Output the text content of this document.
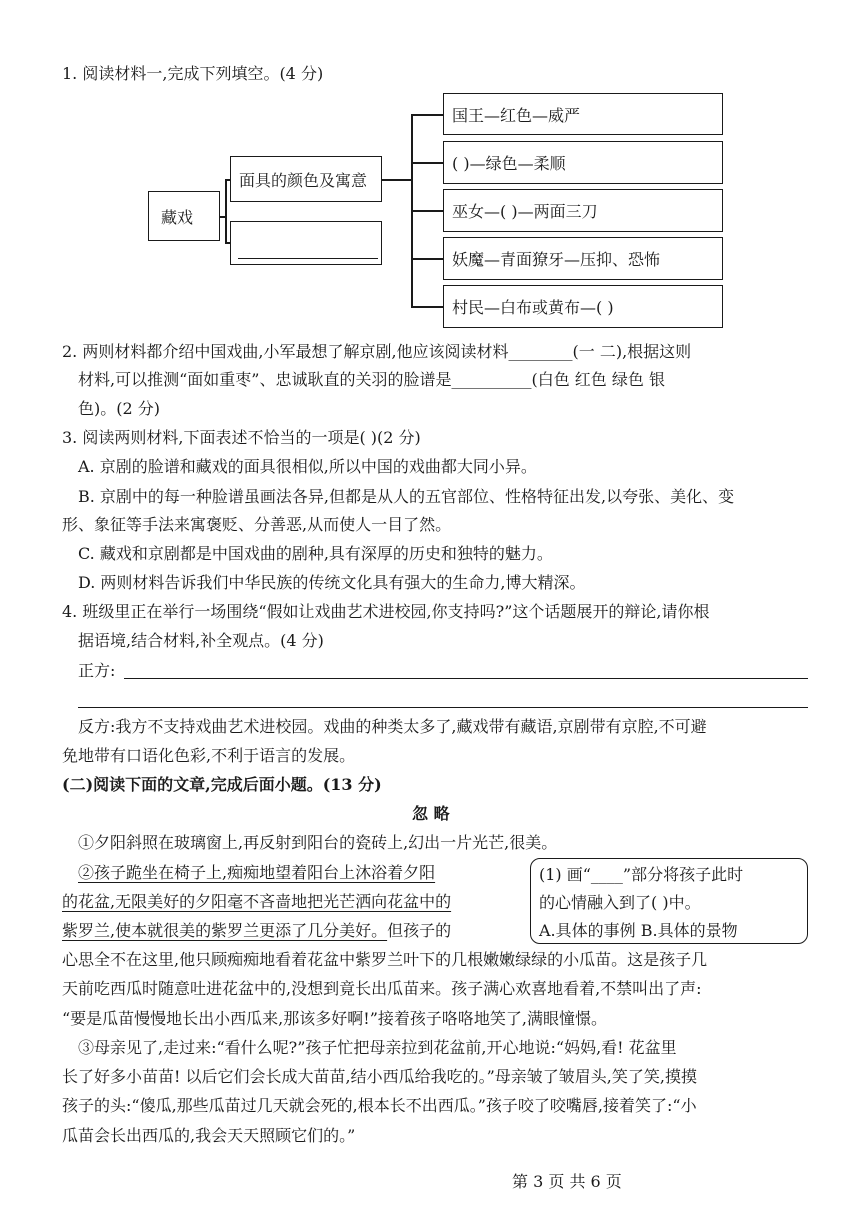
1. 阅读材料一,完成下列填空。(4 分)
藏戏
面具的颜色及寓意
国王—红色—威严
( )—绿色—柔顺
巫女—( )—两面三刀
妖魔—青面獠牙—压抑、恐怖
村民—白布或黄布—( )
2. 两则材料都介绍中国戏曲,小军最想了解京剧,他应该阅读材料________(一 二),根据这则
材料,可以推测“面如重枣”、忠诚耿直的关羽的脸谱是__________(白色 红色 绿色 银
色)。(2 分)
3. 阅读两则材料,下面表述不恰当的一项是( )(2 分)
A. 京剧的脸谱和藏戏的面具很相似,所以中国的戏曲都大同小异。
B. 京剧中的每一种脸谱虽画法各异,但都是从人的五官部位、性格特征出发,以夸张、美化、变
形、象征等手法来寓褒贬、分善恶,从而使人一目了然。
C. 藏戏和京剧都是中国戏曲的剧种,具有深厚的历史和独特的魅力。
D. 两则材料告诉我们中华民族的传统文化具有强大的生命力,博大精深。
4. 班级里正在举行一场围绕“假如让戏曲艺术进校园,你支持吗?”这个话题展开的辩论,请你根
据语境,结合材料,补全观点。(4 分)
正方:
反方:我方不支持戏曲艺术进校园。戏曲的种类太多了,藏戏带有藏语,京剧带有京腔,不可避
免地带有口语化色彩,不利于语言的发展。
(二)阅读下面的文章,完成后面小题。(13 分)
忽 略
①夕阳斜照在玻璃窗上,再反射到阳台的瓷砖上,幻出一片光芒,很美。
②孩子跪坐在椅子上,痴痴地望着阳台上沐浴着夕阳
的花盆,无限美好的夕阳毫不吝啬地把光芒洒向花盆中的
紫罗兰,使本就很美的紫罗兰更添了几分美好。但孩子的
(1) 画“____”部分将孩子此时
的心情融入到了( )中。
A.具体的事例 B.具体的景物
心思全不在这里,他只顾痴痴地看着花盆中紫罗兰叶下的几根嫩嫩绿绿的小瓜苗。这是孩子几
天前吃西瓜时随意吐进花盆中的,没想到竟长出瓜苗来。孩子满心欢喜地看着,不禁叫出了声:
“要是瓜苗慢慢地长出小西瓜来,那该多好啊!”接着孩子咯咯地笑了,满眼憧憬。
③母亲见了,走过来:“看什么呢?”孩子忙把母亲拉到花盆前,开心地说:“妈妈,看! 花盆里
长了好多小苗苗! 以后它们会长成大苗苗,结小西瓜给我吃的。”母亲皱了皱眉头,笑了笑,摸摸
孩子的头:“傻瓜,那些瓜苗过几天就会死的,根本长不出西瓜。”孩子咬了咬嘴唇,接着笑了:“小
瓜苗会长出西瓜的,我会天天照顾它们的。”
第 3 页 共 6 页
